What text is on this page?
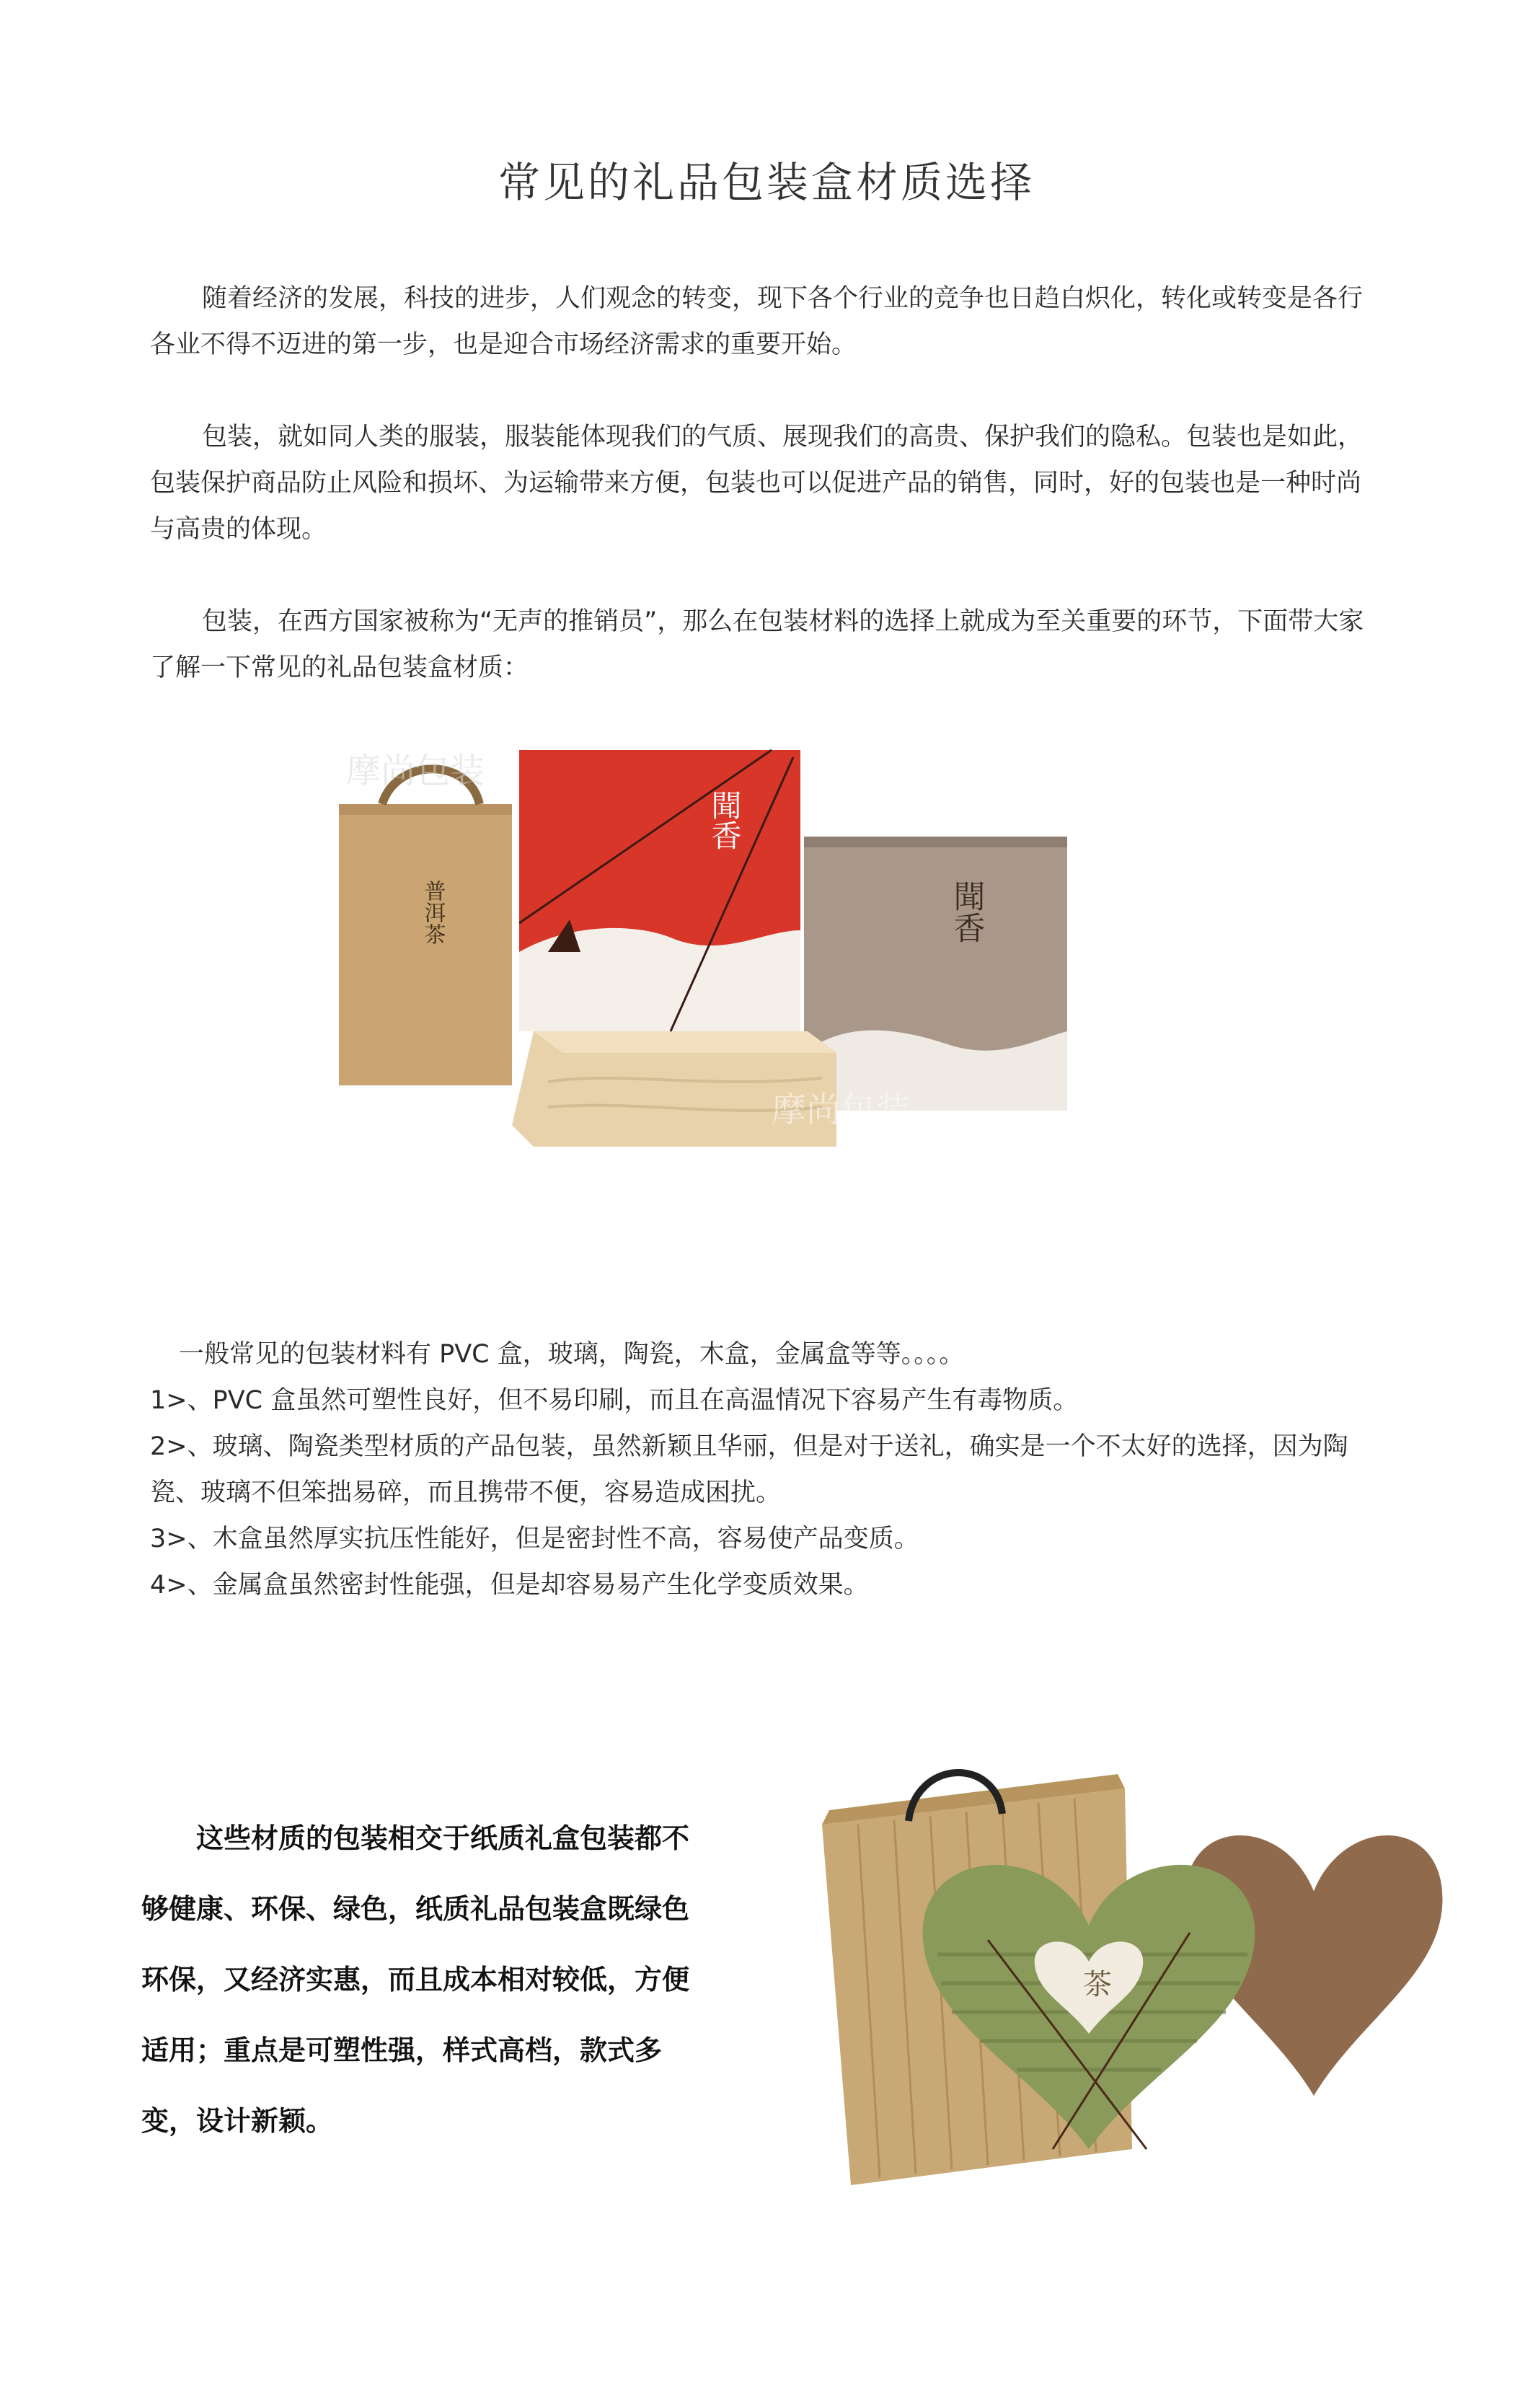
常见的礼品包装盒材质选择

随着经济的发展，科技的进步，人们观念的转变，现下各个行业的竞争也日趋白炽化，转化或转变是各行各业不得不迈进的第一步，也是迎合市场经济需求的重要开始。

包装，就如同人类的服装，服装能体现我们的气质、展现我们的高贵、保护我们的隐私。包装也是如此，包装保护商品防止风险和损坏、为运输带来方便，包装也可以促进产品的销售，同时，好的包装也是一种时尚与高贵的体现。

包装，在西方国家被称为“无声的推销员”，那么在包装材料的选择上就成为至关重要的环节，下面带大家了解一下常见的礼品包装盒材质：

普洱茶	聞香
聞香
摩尚包装
摩尚包装
一般常见的包装材料有 PVC 盒，玻璃，陶瓷，木盒，金属盒等等。。。。
1>、PVC 盒虽然可塑性良好，但不易印刷，而且在高温情况下容易产生有毒物质。
2>、玻璃、陶瓷类型材质的产品包装，虽然新颖且华丽，但是对于送礼，确实是一个不太好的选择，因为陶瓷、玻璃不但笨拙易碎，而且携带不便，容易造成困扰。
3>、木盒虽然厚实抗压性能好，但是密封性不高，容易使产品变质。
4>、金属盒虽然密封性能强，但是却容易易产生化学变质效果。

这些材质的包装相交于纸质礼盒包装都不够健康、环保、绿色，纸质礼品包装盒既绿色环保，又经济实惠，而且成本相对较低，方便适用；重点是可塑性强，样式高档，款式多变，设计新颖。

茶
